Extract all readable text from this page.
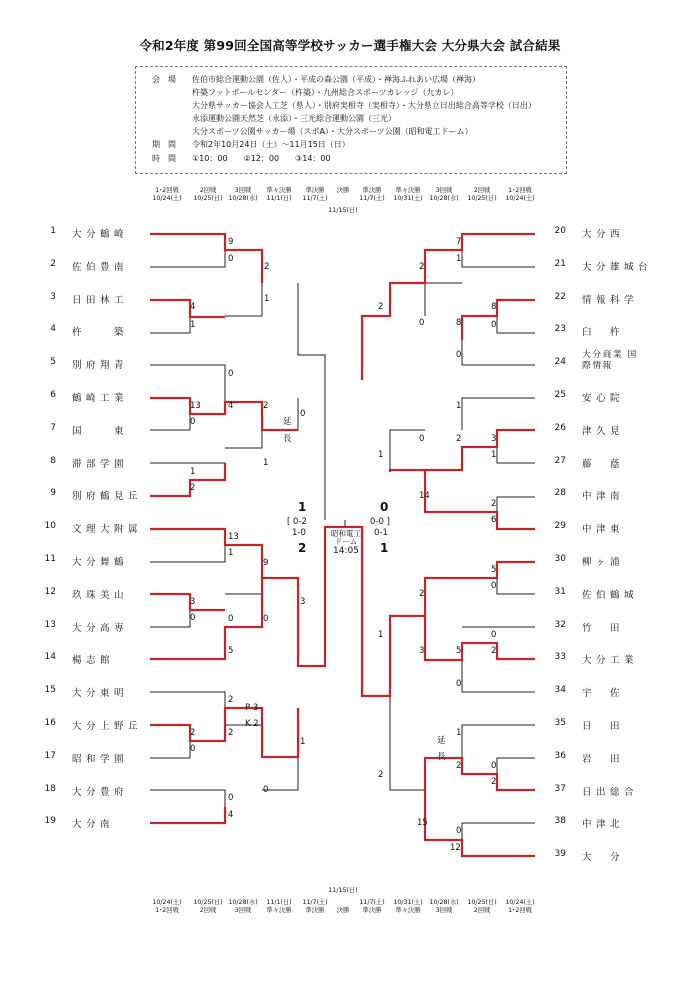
令和2年度 第99回全国高等学校サッカー選手権大会 大分県大会 試合結果
会　場	佐伯市総合運動公園（佐人）・平成の森公園（平成）・禅海ふれあい広場（禅海）
杵築フットボールセンター（杵築）・九州総合スポーツカレッジ（九カレ）
大分県サッカー協会人工芝（県人）・別府実相寺（実相寺）・大分県立日出総合高等学校（日出）
永添運動公園天然芝（永添）・三光総合運動公園（三光）
大分スポーツ公園サッカー場（スポA）・大分スポーツ公園（昭和電工ドーム）
期　間	令和2年10月24日（土）～11月15日（日）
時　間	①10：00　　②12：00　　③14：00
1･2回戦
10/24(土)
2回戦
10/25(日)
3回戦
10/28(水)
準々決勝
11/1(日)
準決勝
11/7(土)
決勝
11/15(日)
準決勝
11/7(土)
準々決勝
10/31(土)
3回戦
10/28(水)
2回戦
10/25(日)
1･2回戦
10/24(土)
11/15(日)
10/24(土)
1･2回戦
10/25(日)
2回戦
10/28(水)
3回戦
11/1(日)
準々決勝
11/7(土)
準決勝	決勝
11/7(土)
準決勝
10/31(土)
準々決勝
10/28(水)
3回戦
10/25(日)
2回戦
10/24(土)
1･2回戦
1 大分鶴崎
2 佐伯豊南
3 日田林工
4 杵　　築
5 別府翔青
6 鶴崎工業
7 国　　東
8 滞部学園
9 別府鶴見丘
10 文理大附属
11 大分舞鶴
12 玖珠美山
13 大分高専
14 楊志館
15 大分東明
16 大分上野丘
17 昭和学園
18 大分豊府
19 大分南
20 大分西
21 大分雄城台
22 情報科学
23 臼　杵
24
大分商業 国際情報
25 安心院
26 津久見
27 藤　蔭
28 中津南
29 中津東
30 柳ヶ浦
31 佐伯鶴城
32 竹　田
33 大分工業
34 宇　佐
35 日　田
36 岩　田
37 日出総合
38 中津北
39 大　分
9
0
2
1
4
1
0
4
13
0
2
1
1
2
0
延
長
13
1
9
0
3
0	0
5
3
1
2
2
P 3
K 2
2
0
0
0
4
7
1
2
0
8
0
8
0
2
1
1
2
0
14
3
1
2
6
5
0
2
3
0
2
5
0
1
2
1
2
延
長
0
2
15
0
12
1	0
[ 0-2
1-0
0-0 ]
0-1
2	1
昭和電工
ドーム
14:05
